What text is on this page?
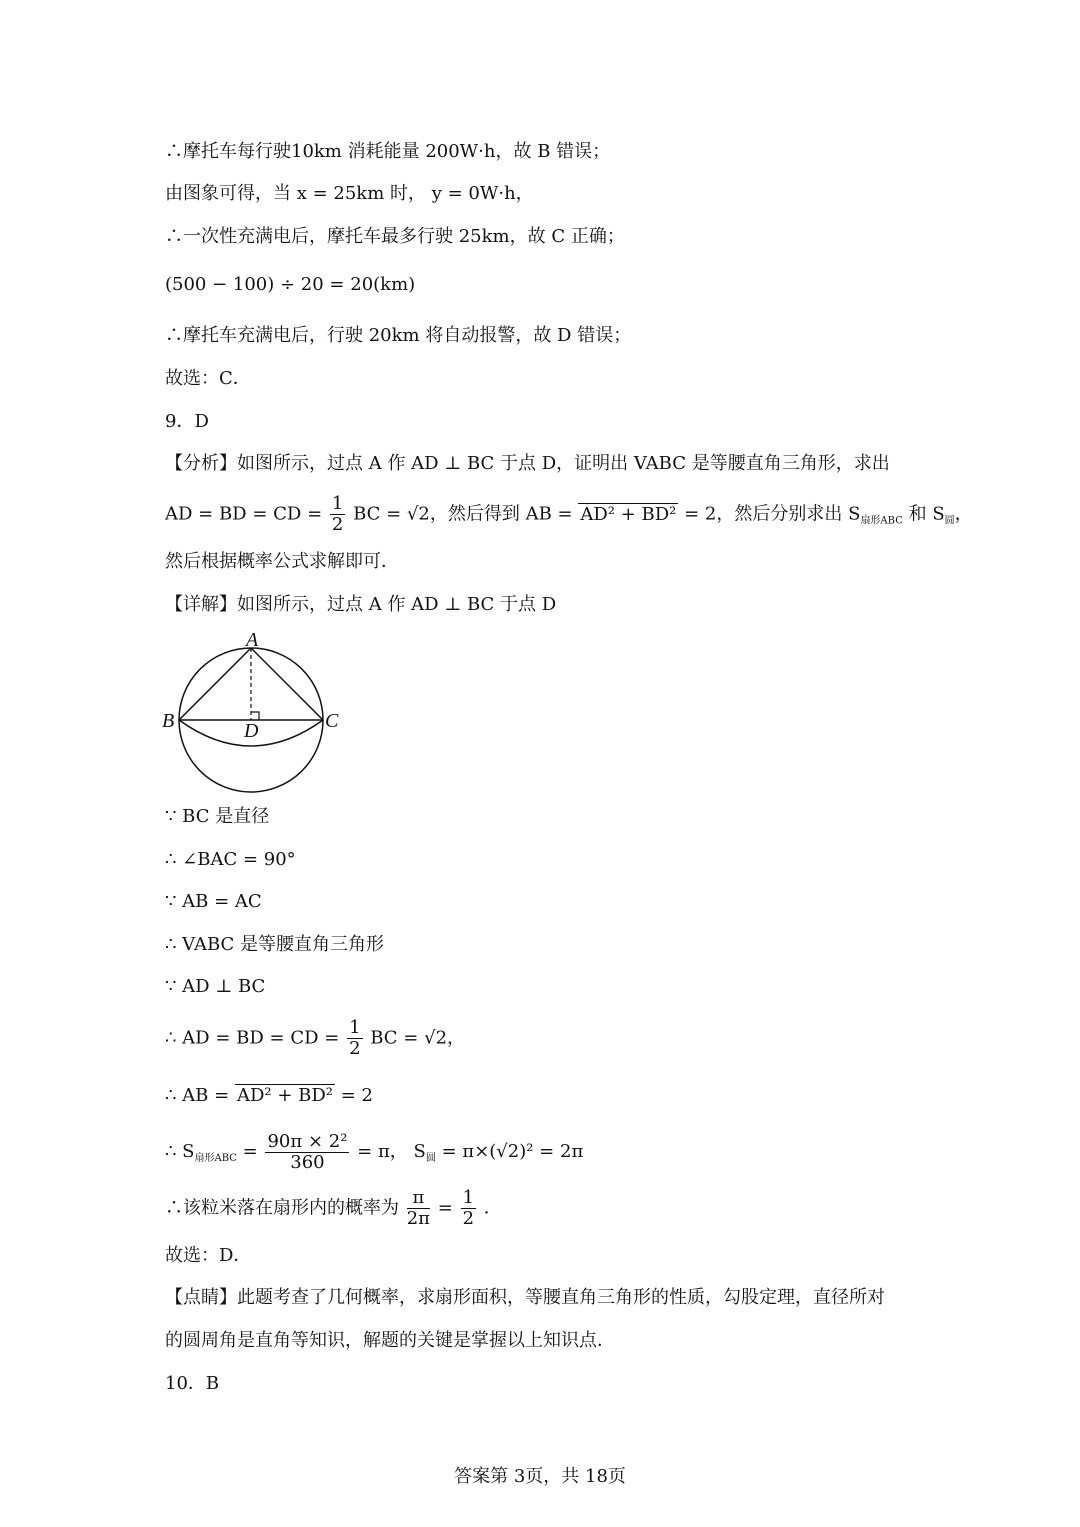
∴摩托车每行驶10km 消耗能量 200W·h，故 B 错误；
由图象可得，当 x = 25km 时， y = 0W·h，
∴一次性充满电后，摩托车最多行驶 25km，故 C 正确；
(500 − 100) ÷ 20 = 20(km)
∴摩托车充满电后，行驶 20km 将自动报警，故 D 错误；
故选：C．
9．D
【分析】如图所示，过点 A 作 AD ⊥ BC 于点 D，证明出 VABC 是等腰直角三角形，求出
AD = BD = CD = $\frac{1}{2}$ BC = √2，然后得到 AB = AD² + BD² = 2，然后分别求出 $S_{扇形ABC}$ 和 $S_圆$，
然后根据概率公式求解即可．
【详解】如图所示，过点 A 作 AD ⊥ BC 于点 D
A
B	C
D
∵ BC 是直径
∴ ∠BAC = 90°
∵ AB = AC
∴ VABC 是等腰直角三角形
∵ AD ⊥ BC
∴ AD = BD = CD = $\frac{1}{2}$ BC = √2，
∴ AB = AD² + BD² = 2
∴ $S_{扇形ABC} = \frac{\text{90π × 2²}}{360} = \pi$， $S_圆 = \pi\times(√2)^2 = 2\pi$
∴该粒米落在扇形内的概率为 $\frac{\pi}{2\pi} = \frac{1}{2}$ ．
故选：D．
【点睛】此题考查了几何概率，求扇形面积，等腰直角三角形的性质，勾股定理，直径所对
的圆周角是直角等知识，解题的关键是掌握以上知识点．
10．B
答案第 3页，共 18页
